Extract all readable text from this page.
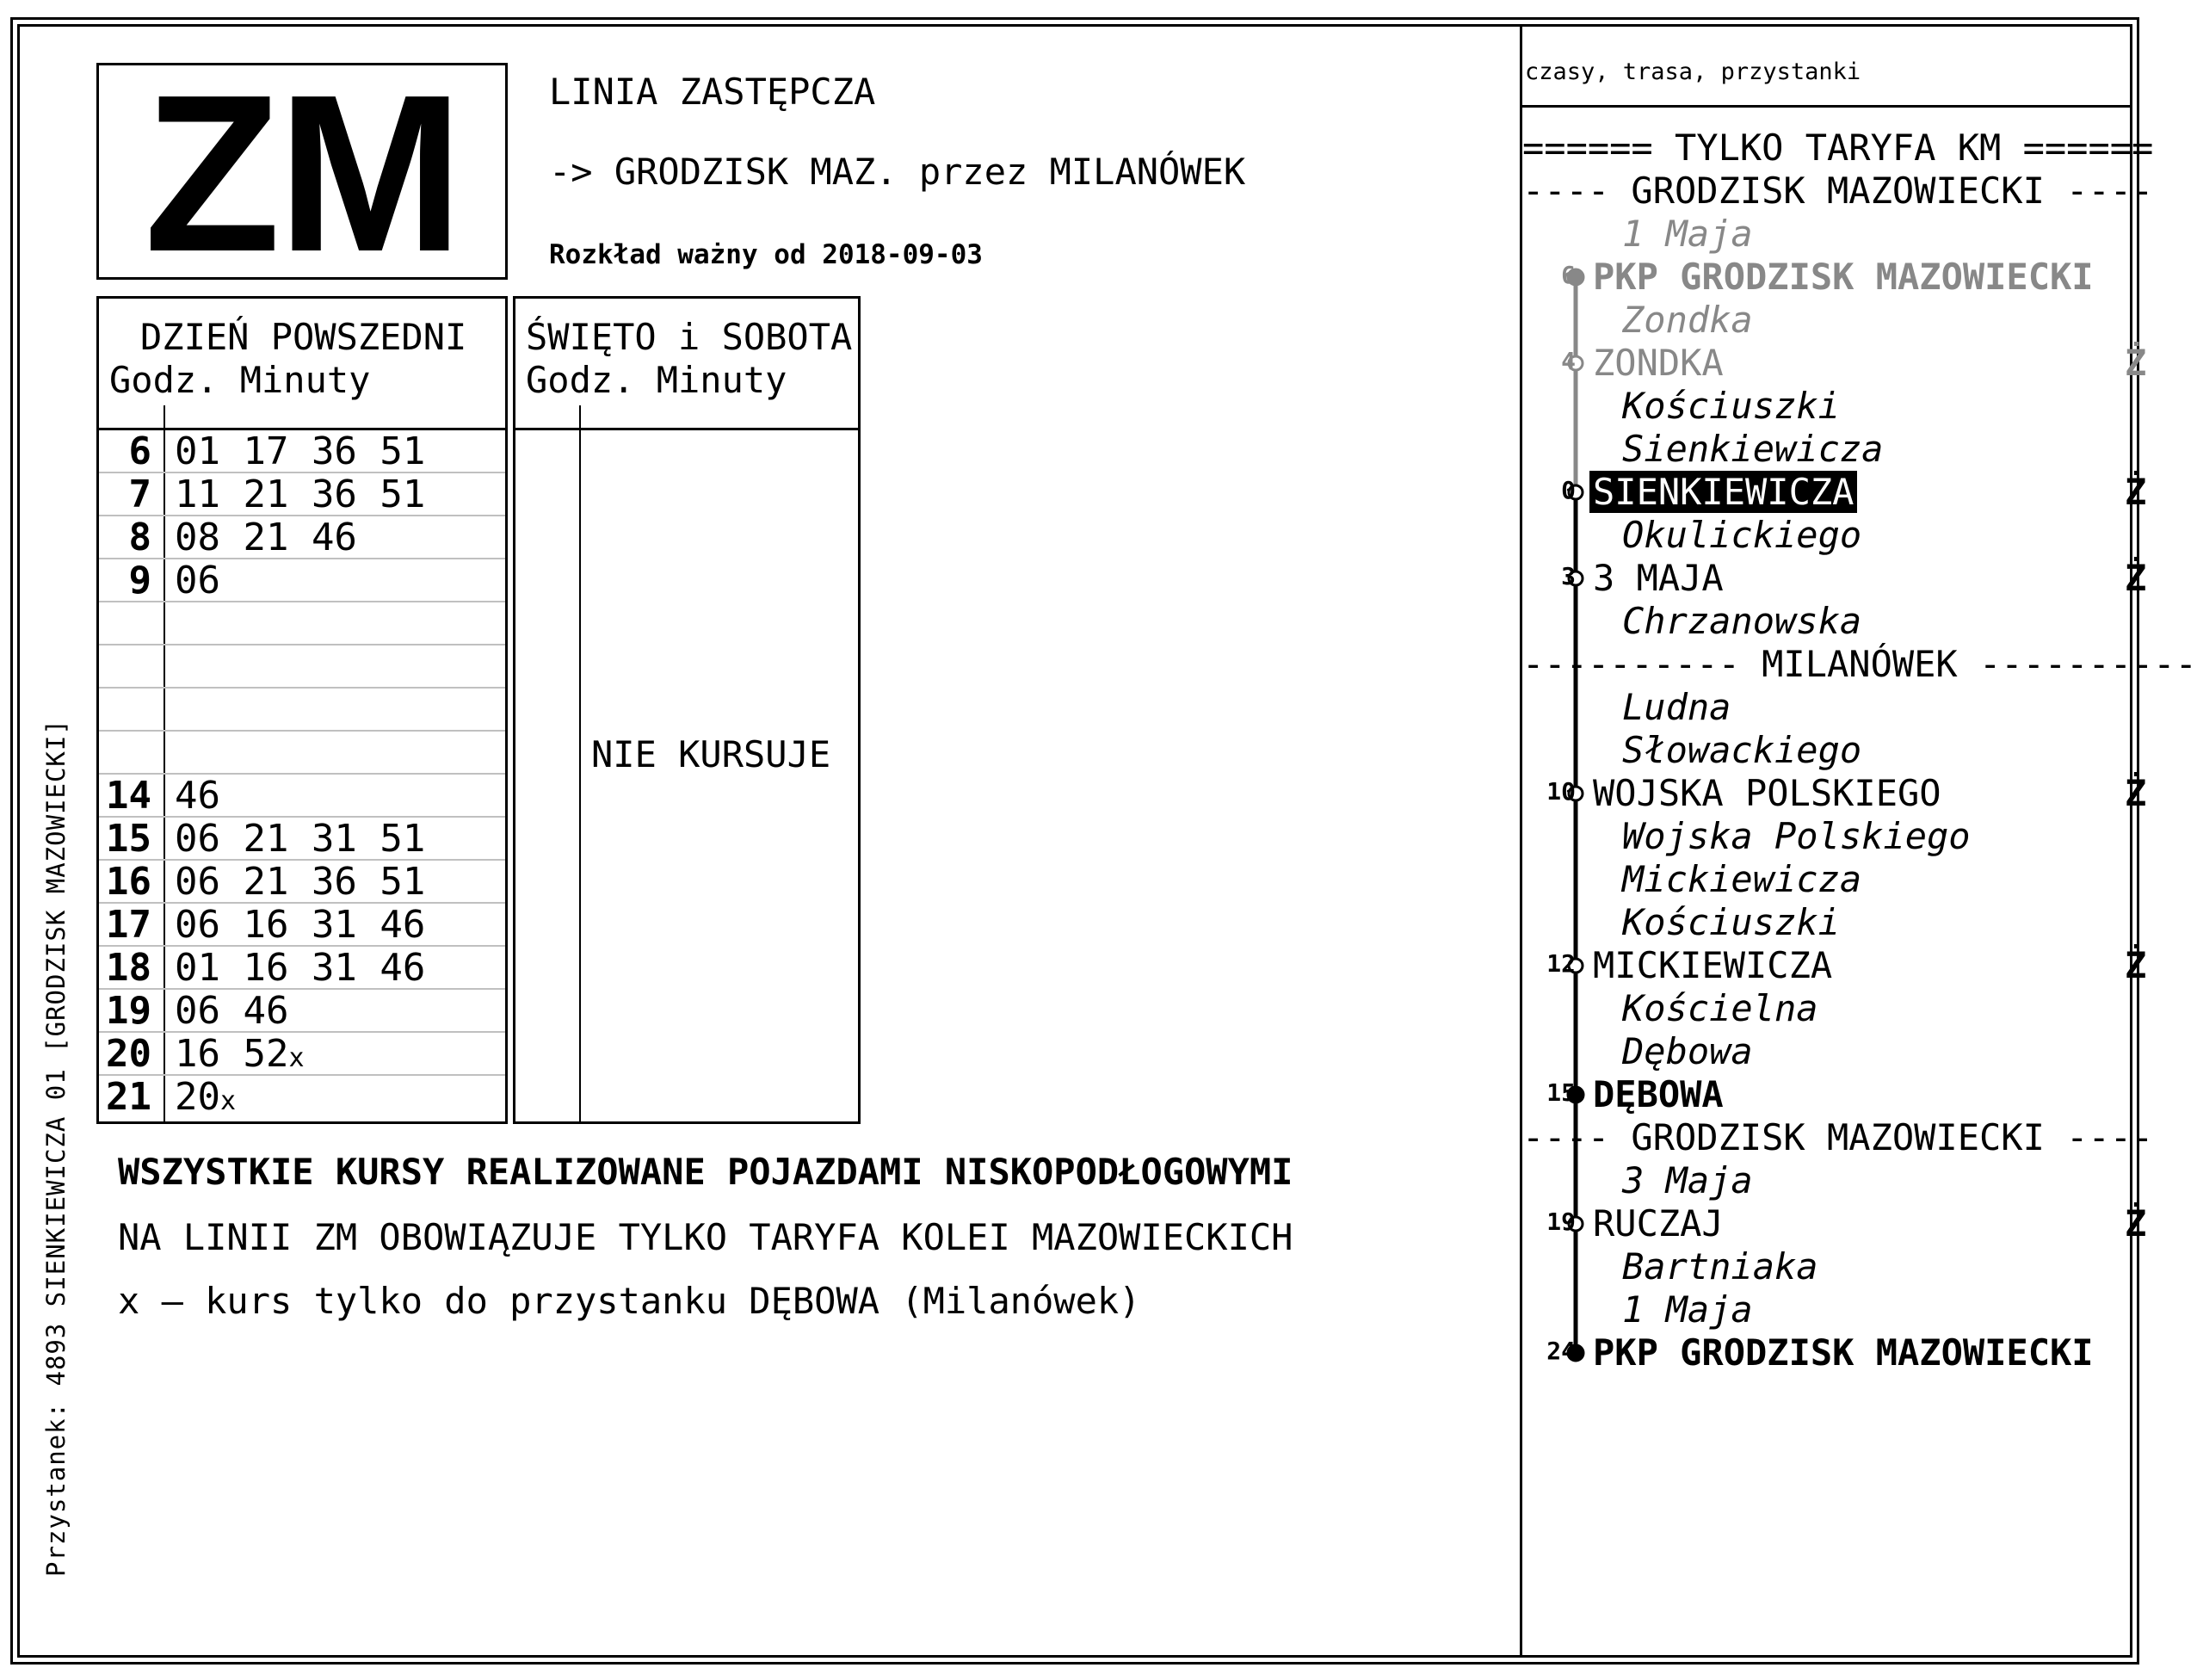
Przystanek: 4893 SIENKIEWICZA 01 [GRODZISK MAZOWIECKI]
ZM LINIA ZASTĘPCZA
-> GRODZISK MAZ. przez MILANÓWEK
Rozkład ważny od 2018-09-03
DZIEŃ POWSZEDNI
Godz. Minuty
6 01 17 36 51
7 11 21 36 51
8 08 21 46
9 06
14 46
15 06 21 31 51
16 06 21 36 51
17 06 16 31 46
18 01 16 31 46
19 06 46
20 16 52x
21 20x
ŚWIĘTO i SOBOTA
Godz. Minuty
NIE KURSUJE
WSZYSTKIE KURSY REALIZOWANE POJAZDAMI NISKOPODŁOGOWYMI
NA LINII ZM OBOWIĄZUJE TYLKO TARYFA KOLEI MAZOWIECKICH
x – kurs tylko do przystanku DĘBOWA (Milanówek)
czasy, trasa, przystanki
====== TYLKO TARYFA KM ======
---- GRODZISK MAZOWIECKI ----
1 Maja
6 PKP GRODZISK MAZOWIECKI
Zondka
4 ZONDKA	Ż
Kościuszki
Sienkiewicza
0 SIENKIEWICZA	Ż
Okulickiego
3 3 MAJA	Ż
Chrzanowska
---------- MILANÓWEK ----------
Ludna
Słowackiego
10 WOJSKA POLSKIEGO	Ż
Wojska Polskiego
Mickiewicza
Kościuszki
12 MICKIEWICZA	Ż
Kościelna
Dębowa
15 DĘBOWA
---- GRODZISK MAZOWIECKI ----
3 Maja
19 RUCZAJ	Ż
Bartniaka
1 Maja
24 PKP GRODZISK MAZOWIECKI
